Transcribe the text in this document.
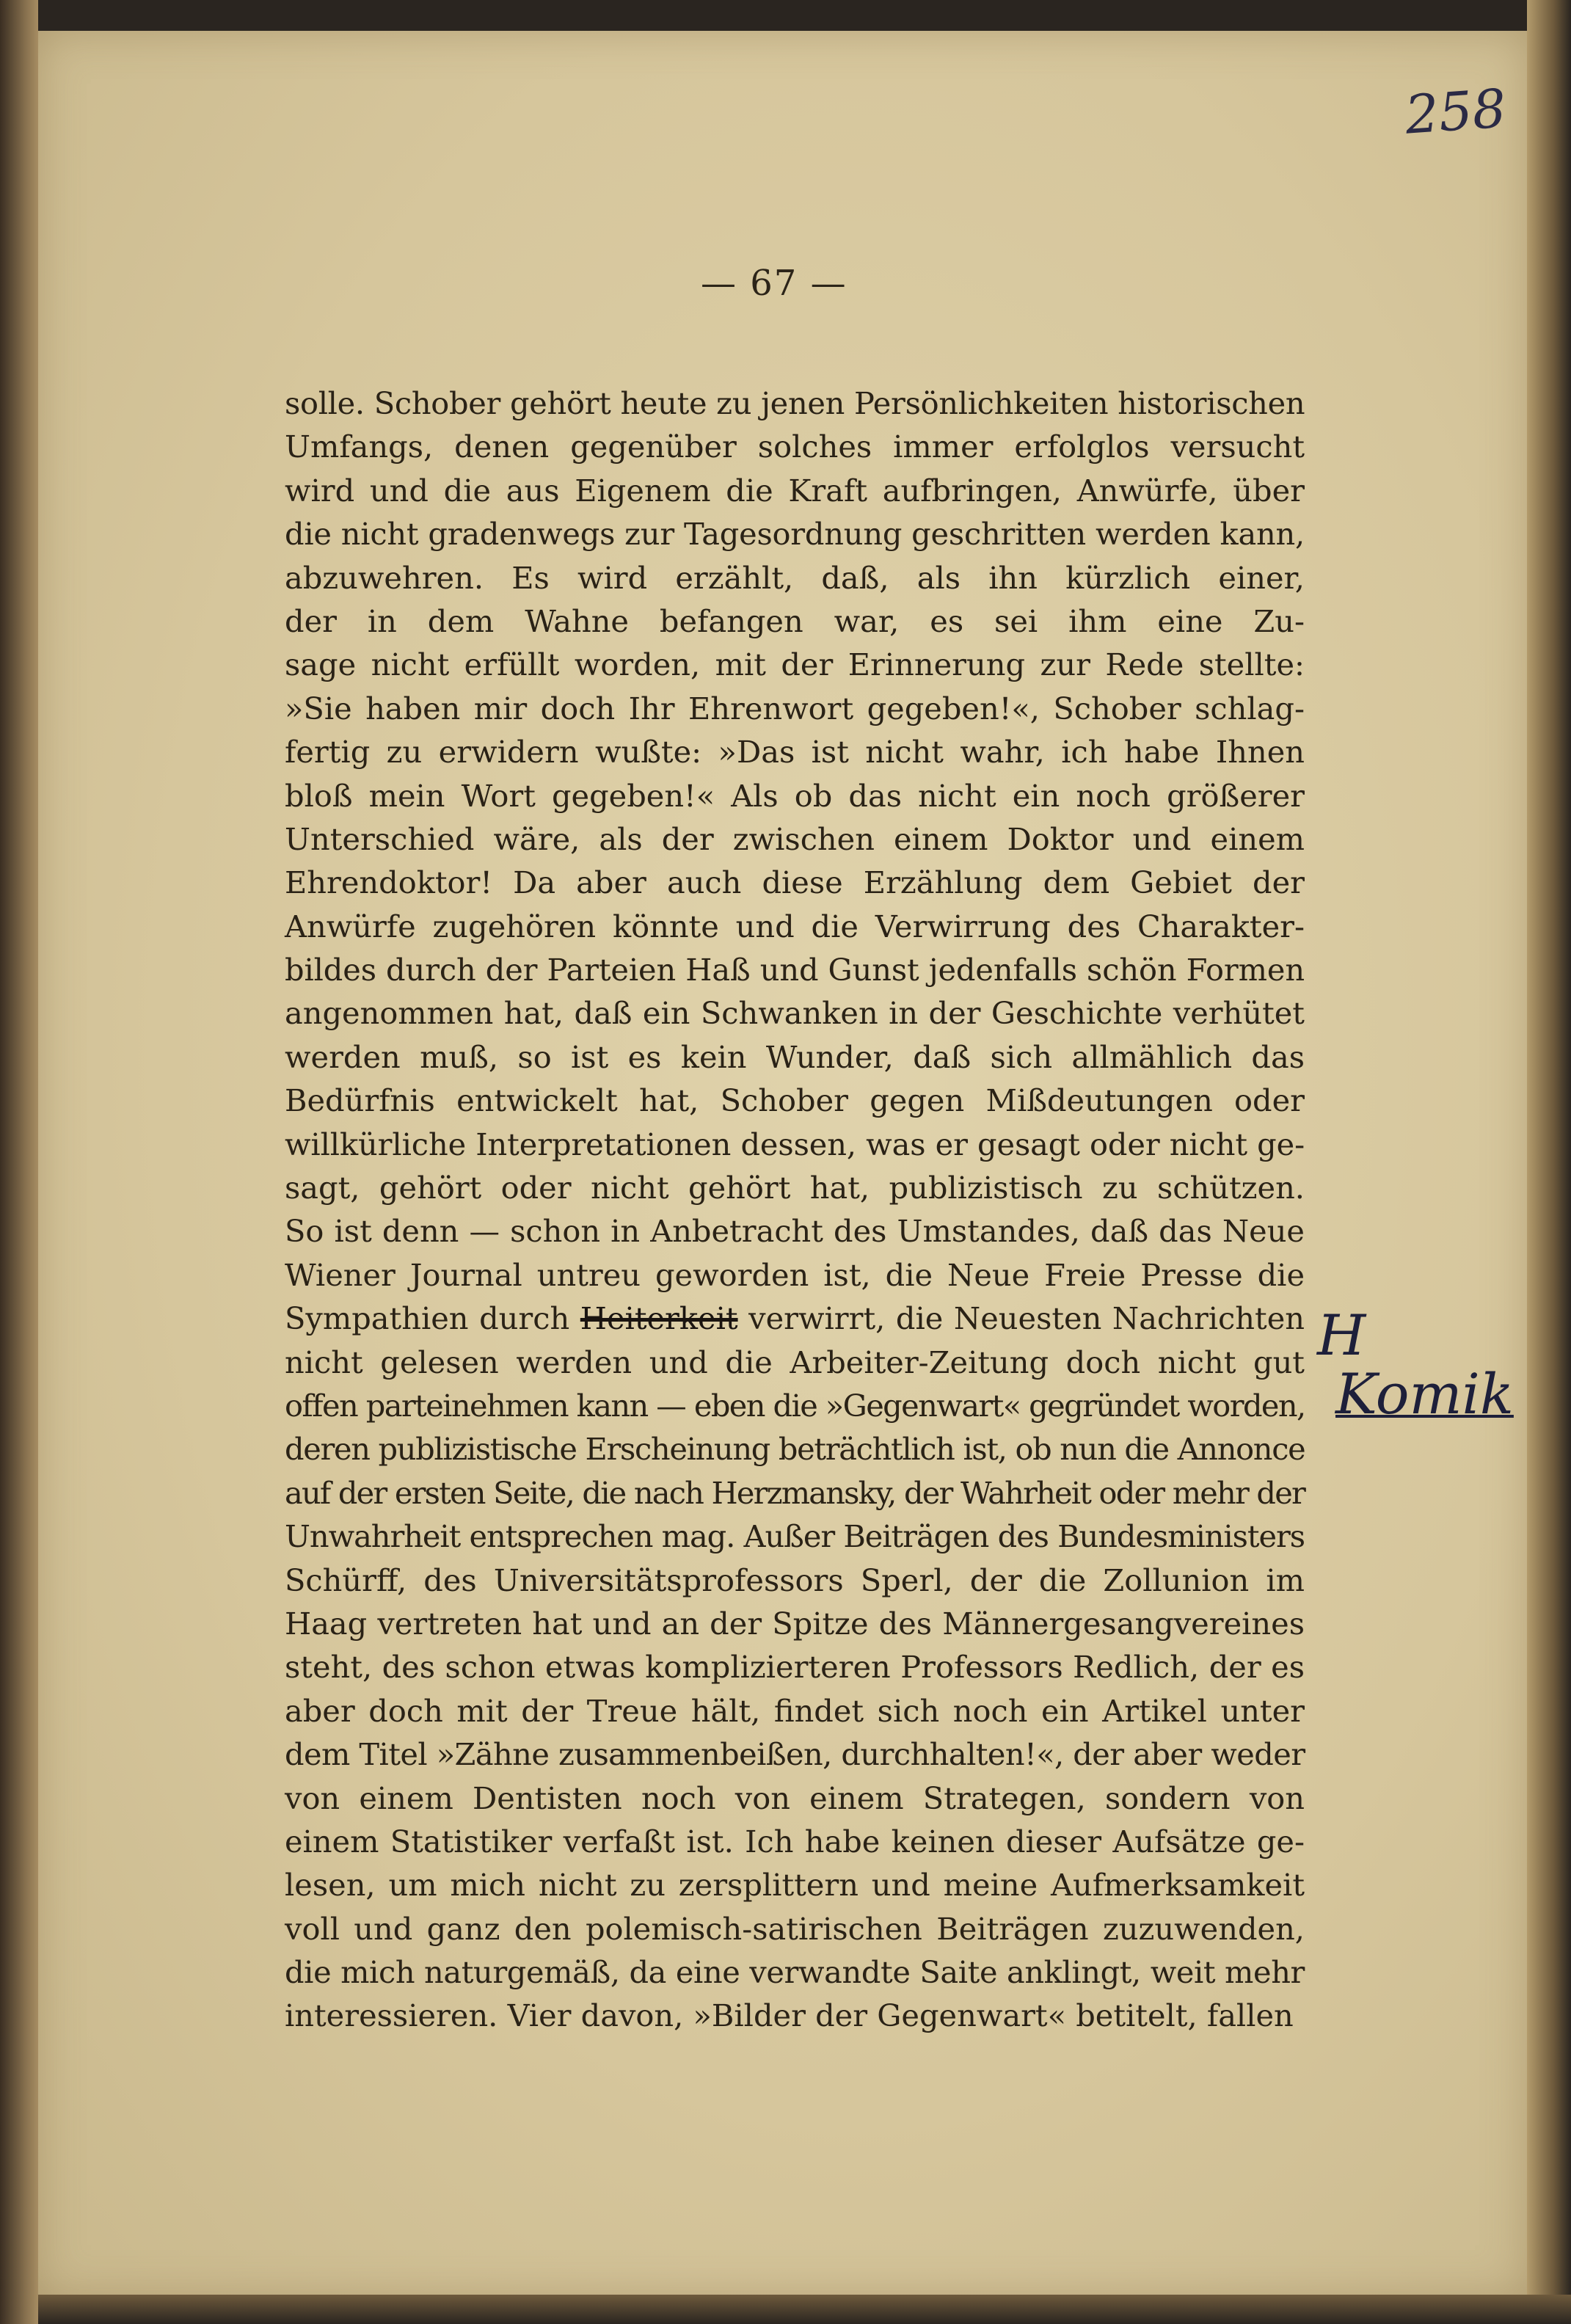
258
— 67 —
solle. Schober gehört heute zu jenen Persönlichkeiten historischen
Umfangs, denen gegenüber solches immer erfolglos versucht
wird und die aus Eigenem die Kraft aufbringen, Anwürfe, über
die nicht gradenwegs zur Tagesordnung geschritten werden kann,
abzuwehren. Es wird erzählt, daß, als ihn kürzlich einer,
der in dem Wahne befangen war, es sei ihm eine Zu-
sage nicht erfüllt worden, mit der Erinnerung zur Rede stellte:
»Sie haben mir doch Ihr Ehrenwort gegeben!«, Schober schlag-
fertig zu erwidern wußte: »Das ist nicht wahr, ich habe Ihnen
bloß mein Wort gegeben!« Als ob das nicht ein noch größerer
Unterschied wäre, als der zwischen einem Doktor und einem
Ehrendoktor! Da aber auch diese Erzählung dem Gebiet der
Anwürfe zugehören könnte und die Verwirrung des Charakter-
bildes durch der Parteien Haß und Gunst jedenfalls schön Formen
angenommen hat, daß ein Schwanken in der Geschichte verhütet
werden muß, so ist es kein Wunder, daß sich allmählich das
Bedürfnis entwickelt hat, Schober gegen Mißdeutungen oder
willkürliche Interpretationen dessen, was er gesagt oder nicht ge-
sagt, gehört oder nicht gehört hat, publizistisch zu schützen.
So ist denn — schon in Anbetracht des Umstandes, daß das Neue
Wiener Journal untreu geworden ist, die Neue Freie Presse die
Sympathien durch Heiterkeit verwirrt, die Neuesten Nachrichten
nicht gelesen werden und die Arbeiter-Zeitung doch nicht gut
offen parteinehmen kann — eben die »Gegenwart« gegründet worden,
deren publizistische Erscheinung beträchtlich ist, ob nun die Annonce
auf der ersten Seite, die nach Herzmansky, der Wahrheit oder mehr der
Unwahrheit entsprechen mag. Außer Beiträgen des Bundesministers
Schürff, des Universitätsprofessors Sperl, der die Zollunion im
Haag vertreten hat und an der Spitze des Männergesangvereines
steht, des schon etwas komplizierteren Professors Redlich, der es
aber doch mit der Treue hält, findet sich noch ein Artikel unter
dem Titel »Zähne zusammenbeißen, durchhalten!«, der aber weder
von einem Dentisten noch von einem Strategen, sondern von
einem Statistiker verfaßt ist. Ich habe keinen dieser Aufsätze ge-
lesen, um mich nicht zu zersplittern und meine Aufmerksamkeit
voll und ganz den polemisch-satirischen Beiträgen zuzuwenden,
die mich naturgemäß, da eine verwandte Saite anklingt, weit mehr
interessieren. Vier davon, »Bilder der Gegenwart« betitelt, fallen
H
Komik
